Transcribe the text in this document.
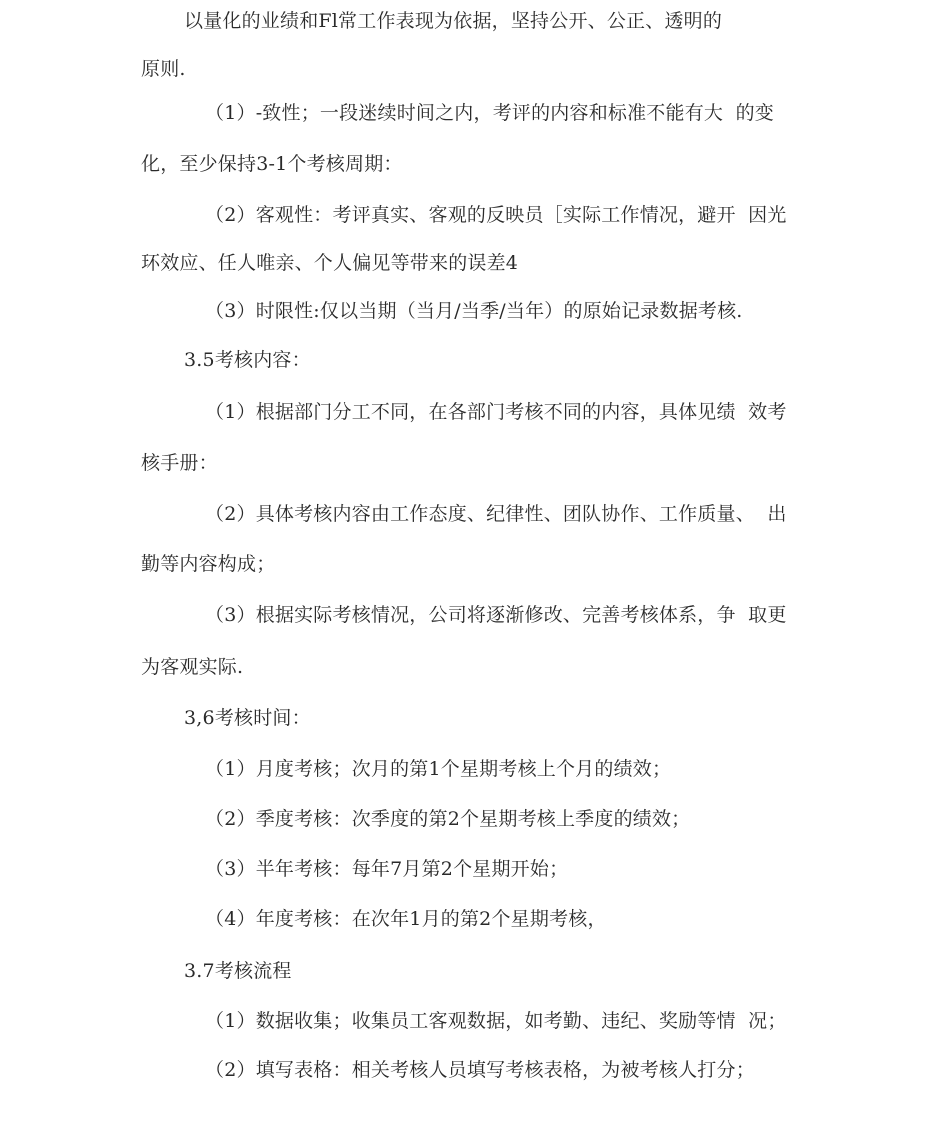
以量化的业绩和Fl常工作表现为依据，坚持公开、公正、透明的
原则.
（1）-致性；一段迷续时间之内，考评的内容和标准不能有大  的变
化，至少保持3-1个考核周期：
（2）客观性：考评真实、客观的反映员［实际工作情况，避开  因光
环效应、任人唯亲、个人偏见等带来的误差4
（3）时限性:仅以当期（当月/当季/当年）的原始记录数据考核.
3.5考核内容：
（1）根据部门分工不同，在各部门考核不同的内容，具体见绩  效考
核手册：
（2）具体考核内容由工作态度、纪律性、团队协作、工作质量、  出
勤等内容构成；
（3）根据实际考核情况，公司将逐渐修改、完善考核体系，争  取更
为客观实际.
3,6考核时间：
（1）月度考核；次月的第1个星期考核上个月的绩效；
（2）季度考核：次季度的第2个星期考核上季度的绩效；
（3）半年考核：每年7月第2个星期开始；
（4）年度考核：在次年1月的第2个星期考核，
3.7考核流程
（1）数据收集；收集员工客观数据，如考勤、违纪、奖励等情  况；
（2）填写表格：相关考核人员填写考核表格，为被考核人打分；
